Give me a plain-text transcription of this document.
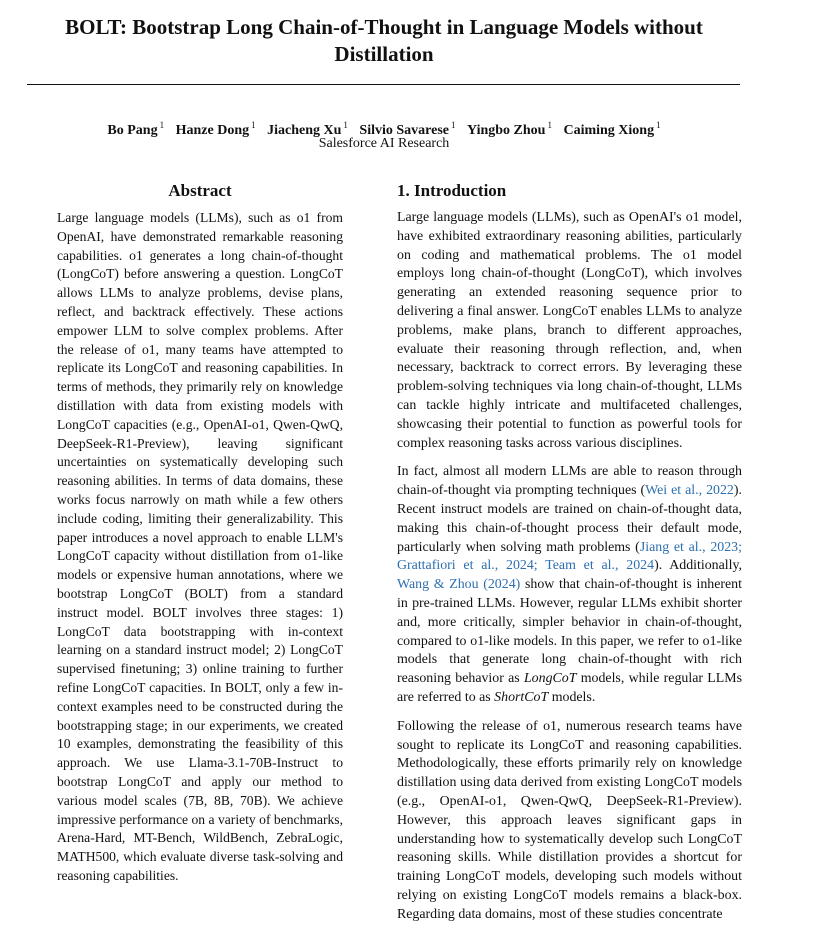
BOLT: Bootstrap Long Chain-of-Thought in Language Models without Distillation
Bo Pang $^1$ Hanze Dong $^1$ Jiacheng Xu $^1$ Silvio Savarese $^1$ Yingbo Zhou $^1$ Caiming Xiong $^1$
Salesforce AI Research
Abstract

Large language models (LLMs), such as o1 from OpenAI, have demonstrated remarkable reasoning capabilities. o1 generates a long chain-of-thought (LongCoT) before answering a question. LongCoT allows LLMs to analyze problems, devise plans, reflect, and backtrack effectively. These actions empower LLM to solve complex problems. After the release of o1, many teams have attempted to replicate its LongCoT and reasoning capabilities. In terms of methods, they primarily rely on knowledge distillation with data from existing models with LongCoT capacities (e.g., OpenAI-o1, Qwen-QwQ, DeepSeek-R1-Preview), leaving significant uncertainties on systematically developing such reasoning abilities. In terms of data domains, these works focus narrowly on math while a few others include coding, limiting their generalizability. This paper introduces a novel approach to enable LLM's LongCoT capacity without distillation from o1-like models or expensive human annotations, where we bootstrap LongCoT (BOLT) from a standard instruct model. BOLT involves three stages: 1) LongCoT data bootstrapping with in-context learning on a standard instruct model; 2) LongCoT supervised finetuning; 3) online training to further refine LongCoT capacities. In BOLT, only a few in-context examples need to be constructed during the bootstrapping stage; in our experiments, we created 10 examples, demonstrating the feasibility of this approach. We use Llama-3.1-70B-Instruct to bootstrap LongCoT and apply our method to various model scales (7B, 8B, 70B). We achieve impressive performance on a variety of benchmarks, Arena-Hard, MT-Bench, WildBench, ZebraLogic, MATH500, which evaluate diverse task-solving and reasoning capabilities.

1. Introduction

Large language models (LLMs), such as OpenAI's o1 model, have exhibited extraordinary reasoning abilities, particularly on coding and mathematical problems. The o1 model employs long chain-of-thought (LongCoT), which involves generating an extended reasoning sequence prior to delivering a final answer. LongCoT enables LLMs to analyze problems, make plans, branch to different approaches, evaluate their reasoning through reflection, and, when necessary, backtrack to correct errors. By leveraging these problem-solving techniques via long chain-of-thought, LLMs can tackle highly intricate and multifaceted challenges, showcasing their potential to function as powerful tools for complex reasoning tasks across various disciplines.

In fact, almost all modern LLMs are able to reason through chain-of-thought via prompting techniques (Wei et al., 2022). Recent instruct models are trained on chain-of-thought data, making this chain-of-thought process their default mode, particularly when solving math problems (Jiang et al., 2023; Grattafiori et al., 2024; Team et al., 2024). Additionally, Wang & Zhou (2024) show that chain-of-thought is inherent in pre-trained LLMs. However, regular LLMs exhibit shorter and, more critically, simpler behavior in chain-of-thought, compared to o1-like models. In this paper, we refer to o1-like models that generate long chain-of-thought with rich reasoning behavior as LongCoT models, while regular LLMs are referred to as ShortCoT models.

Following the release of o1, numerous research teams have sought to replicate its LongCoT and reasoning capabilities. Methodologically, these efforts primarily rely on knowledge distillation using data derived from existing LongCoT models (e.g., OpenAI-o1, Qwen-QwQ, DeepSeek-R1-Preview). However, this approach leaves significant gaps in understanding how to systematically develop such LongCoT reasoning skills. While distillation provides a shortcut for training LongCoT models, developing such models without relying on existing LongCoT models remains a black-box. Regarding data domains, most of these studies concentrate
